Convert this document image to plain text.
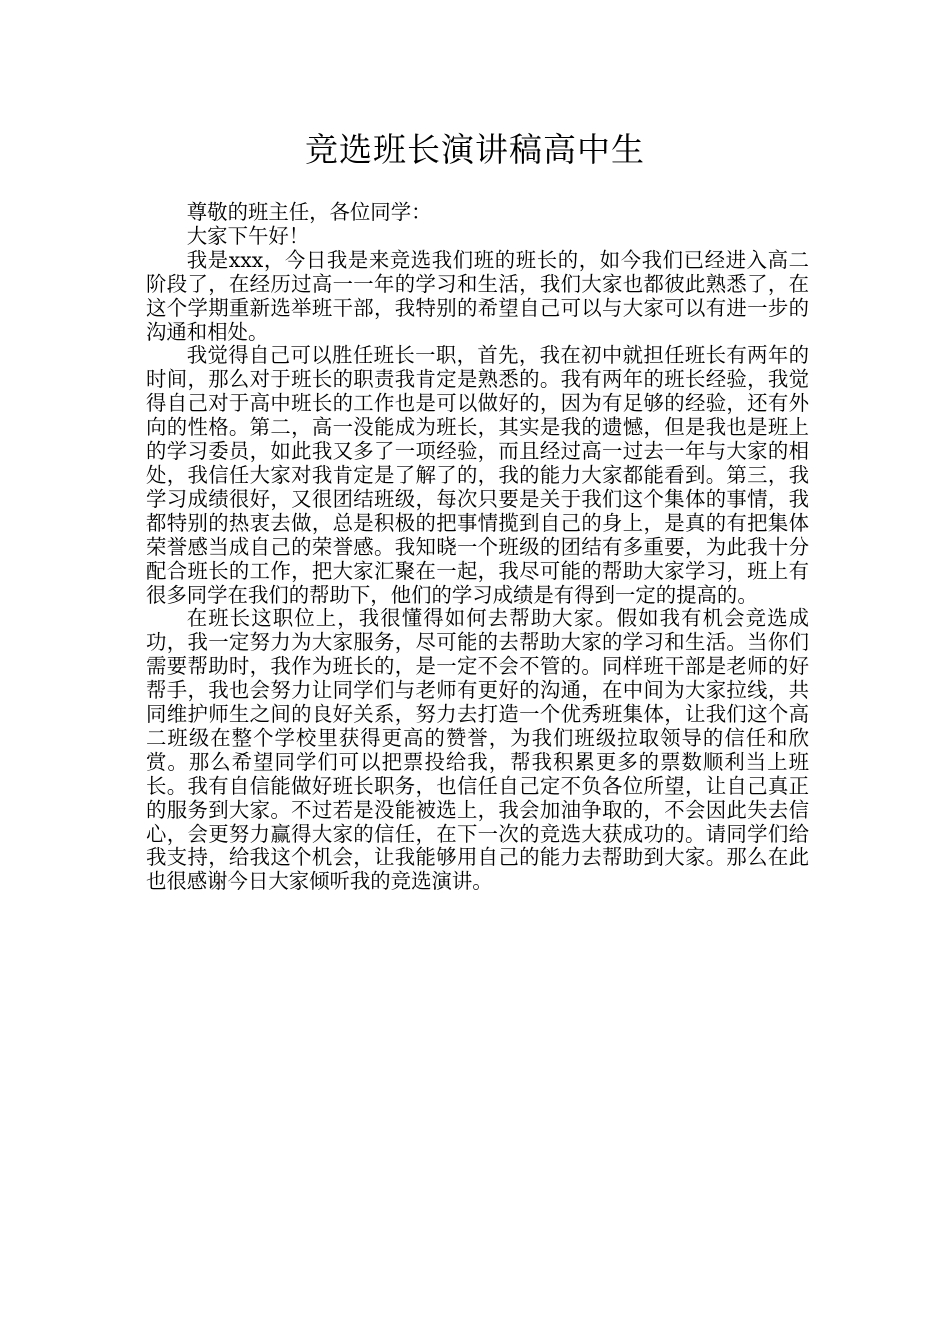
竞选班长演讲稿高中生

尊敬的班主任，各位同学：

大家下午好！

我是xxx，今日我是来竞选我们班的班长的，如今我们已经进入高二阶段了，在经历过高一一年的学习和生活，我们大家也都彼此熟悉了，在这个学期重新选举班干部，我特别的希望自己可以与大家可以有进一步的沟通和相处。

我觉得自己可以胜任班长一职，首先，我在初中就担任班长有两年的时间，那么对于班长的职责我肯定是熟悉的。我有两年的班长经验，我觉得自己对于高中班长的工作也是可以做好的，因为有足够的经验，还有外向的性格。第二，高一没能成为班长，其实是我的遗憾，但是我也是班上的学习委员，如此我又多了一项经验，而且经过高一过去一年与大家的相处，我信任大家对我肯定是了解了的，我的能力大家都能看到。第三，我学习成绩很好，又很团结班级，每次只要是关于我们这个集体的事情，我都特别的热衷去做，总是积极的把事情揽到自己的身上，是真的有把集体荣誉感当成自己的荣誉感。我知晓一个班级的团结有多重要，为此我十分配合班长的工作，把大家汇聚在一起，我尽可能的帮助大家学习，班上有很多同学在我们的帮助下，他们的学习成绩是有得到一定的提高的。

在班长这职位上，我很懂得如何去帮助大家。假如我有机会竞选成功，我一定努力为大家服务，尽可能的去帮助大家的学习和生活。当你们需要帮助时，我作为班长的，是一定不会不管的。同样班干部是老师的好帮手，我也会努力让同学们与老师有更好的沟通，在中间为大家拉线，共同维护师生之间的良好关系，努力去打造一个优秀班集体，让我们这个高二班级在整个学校里获得更高的赞誉，为我们班级拉取领导的信任和欣赏。那么希望同学们可以把票投给我，帮我积累更多的票数顺利当上班长。我有自信能做好班长职务，也信任自己定不负各位所望，让自己真正的服务到大家。不过若是没能被选上，我会加油争取的，不会因此失去信心，会更努力赢得大家的信任，在下一次的竞选大获成功的。请同学们给我支持，给我这个机会，让我能够用自己的能力去帮助到大家。那么在此也很感谢今日大家倾听我的竞选演讲。
